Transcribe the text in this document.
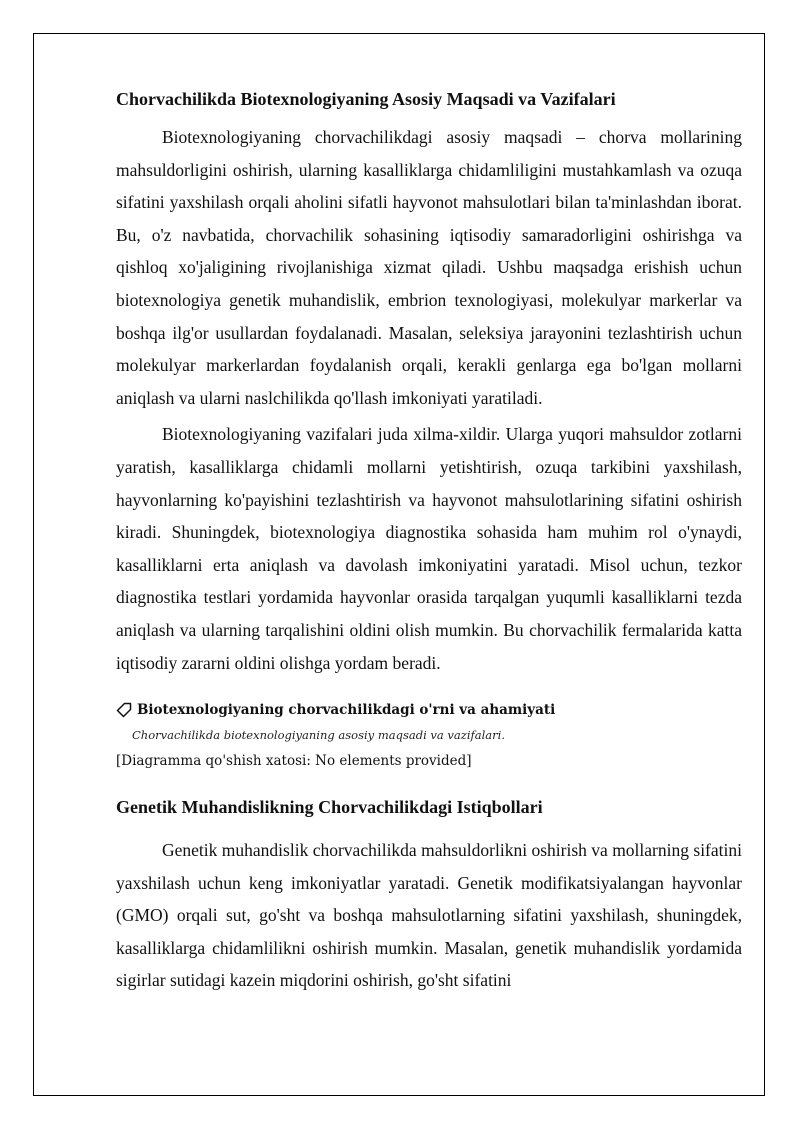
Chorvachilikda Biotexnologiyaning Asosiy Maqsadi va Vazifalari

Biotexnologiyaning chorvachilikdagi asosiy maqsadi – chorva mollarining mahsuldorligini oshirish, ularning kasalliklarga chidamliligini mustahkamlash va ozuqa sifatini yaxshilash orqali aholini sifatli hayvonot mahsulotlari bilan ta'minlashdan iborat. Bu, o'z navbatida, chorvachilik sohasining iqtisodiy samaradorligini oshirishga va qishloq xo'jaligining rivojlanishiga xizmat qiladi. Ushbu maqsadga erishish uchun biotexnologiya genetik muhandislik, embrion texnologiyasi, molekulyar markerlar va boshqa ilg'or usullardan foydalanadi. Masalan, seleksiya jarayonini tezlashtirish uchun molekulyar markerlardan foydalanish orqali, kerakli genlarga ega bo'lgan mollarni aniqlash va ularni naslchilikda qo'llash imkoniyati yaratiladi.

Biotexnologiyaning vazifalari juda xilma-xildir. Ularga yuqori mahsuldor zotlarni yaratish, kasalliklarga chidamli mollarni yetishtirish, ozuqa tarkibini yaxshilash, hayvonlarning ko'payishini tezlashtirish va hayvonot mahsulotlarining sifatini oshirish kiradi. Shuningdek, biotexnologiya diagnostika sohasida ham muhim rol o'ynaydi, kasalliklarni erta aniqlash va davolash imkoniyatini yaratadi. Misol uchun, tezkor diagnostika testlari yordamida hayvonlar orasida tarqalgan yuqumli kasalliklarni tezda aniqlash va ularning tarqalishini oldini olish mumkin. Bu chorvachilik fermalarida katta iqtisodiy zararni oldini olishga yordam beradi.

Biotexnologiyaning chorvachilikdagi o'rni va ahamiyati
Chorvachilikda biotexnologiyaning asosiy maqsadi va vazifalari.
[Diagramma qo'shish xatosi: No elements provided]
Genetik Muhandislikning Chorvachilikdagi Istiqbollari

Genetik muhandislik chorvachilikda mahsuldorlikni oshirish va mollarning sifatini yaxshilash uchun keng imkoniyatlar yaratadi. Genetik modifikatsiyalangan hayvonlar (GMO) orqali sut, go'sht va boshqa mahsulotlarning sifatini yaxshilash, shuningdek, kasalliklarga chidamlilikni oshirish mumkin. Masalan, genetik muhandislik yordamida sigirlar sutidagi kazein miqdorini oshirish, go'sht sifatini
